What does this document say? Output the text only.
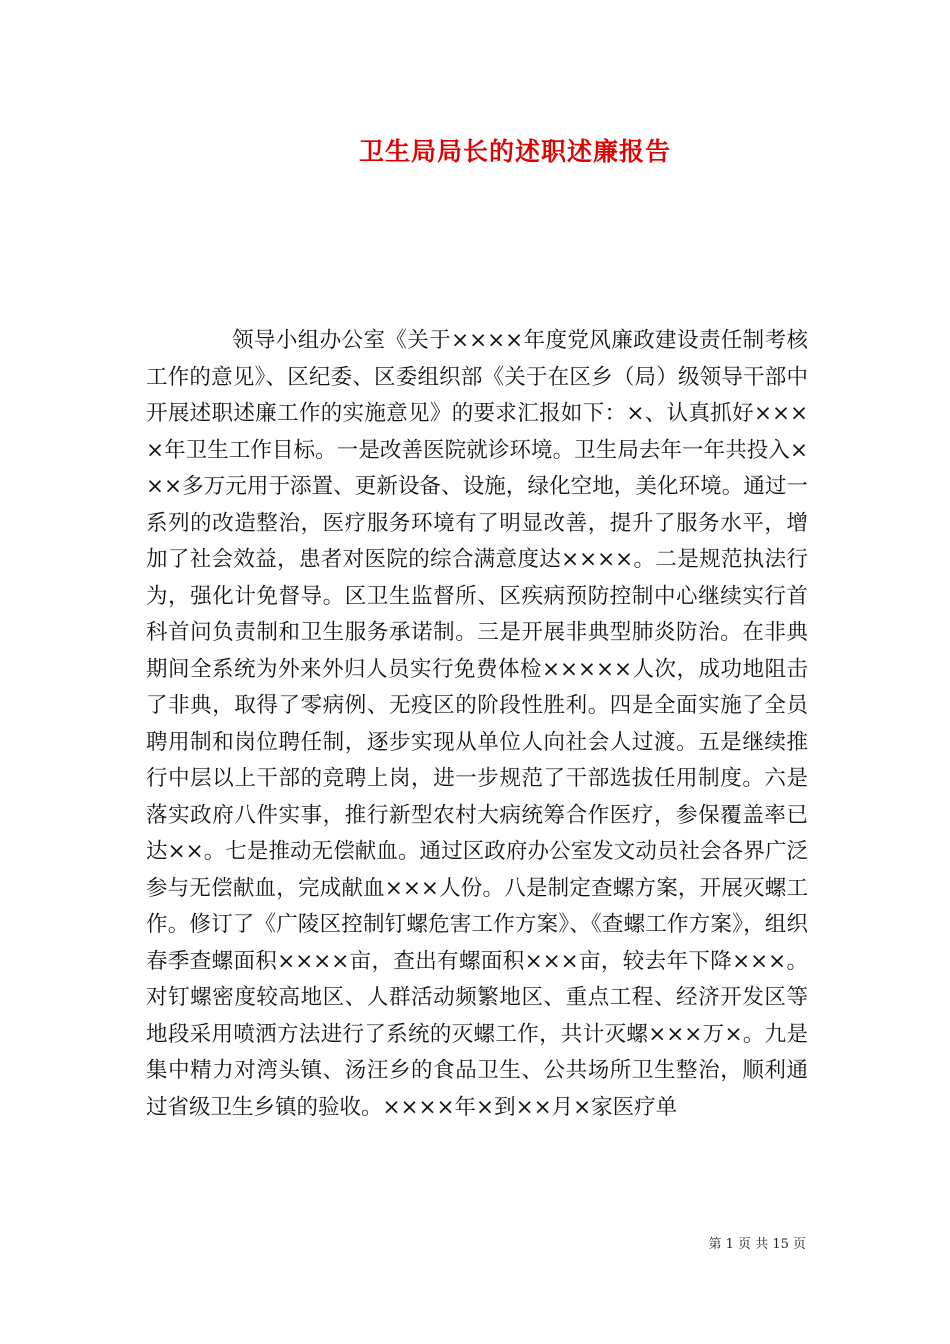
卫生局局长的述职述廉报告

领导小组办公室《关于××××年度党风廉政建设责任制考核工作的意见》、区纪委、区委组织部《关于在区乡（局）级领导干部中开展述职述廉工作的实施意见》的要求汇报如下：×、认真抓好××××年卫生工作目标。一是改善医院就诊环境。卫生局去年一年共投入×××多万元用于添置、更新设备、设施，绿化空地，美化环境。通过一系列的改造整治，医疗服务环境有了明显改善，提升了服务水平，增加了社会效益，患者对医院的综合满意度达××××。二是规范执法行为，强化计免督导。区卫生监督所、区疾病预防控制中心继续实行首科首问负责制和卫生服务承诺制。三是开展非典型肺炎防治。在非典期间全系统为外来外归人员实行免费体检×××××人次，成功地阻击了非典，取得了零病例、无疫区的阶段性胜利。四是全面实施了全员聘用制和岗位聘任制，逐步实现从单位人向社会人过渡。五是继续推行中层以上干部的竞聘上岗，进一步规范了干部选拔任用制度。六是落实政府八件实事，推行新型农村大病统筹合作医疗，参保覆盖率已达××。七是推动无偿献血。通过区政府办公室发文动员社会各界广泛参与无偿献血，完成献血×××人份。八是制定查螺方案，开展灭螺工作。修订了《广陵区控制钉螺危害工作方案》、《查螺工作方案》，组织春季查螺面积××××亩，查出有螺面积×××亩，较去年下降×××。对钉螺密度较高地区、人群活动频繁地区、重点工程、经济开发区等地段采用喷洒方法进行了系统的灭螺工作，共计灭螺×××万×。九是集中精力对湾头镇、汤汪乡的食品卫生、公共场所卫生整治，顺利通过省级卫生乡镇的验收。××××年×到××月×家医疗单

第 1 页 共 15 页
